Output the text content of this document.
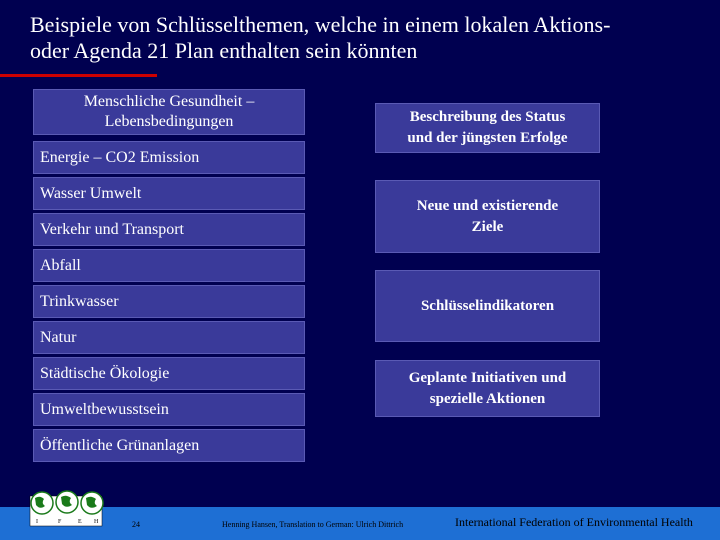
Beispiele von Schlüsselthemen, welche in einem lokalen Aktions-
oder Agenda 21 Plan enthalten sein könnten
Menschliche Gesundheit –
Lebensbedingungen
Energie – CO2 Emission
Wasser Umwelt
Verkehr und Transport
Abfall
Trinkwasser
Natur
Städtische Ökologie
Umweltbewusstsein
Öffentliche Grünanlagen
Beschreibung des Status
und der jüngsten Erfolge
Neue und existierende
Ziele
Schlüsselindikatoren
Geplante Initiativen und
spezielle Aktionen
I	F	E H	24	Henning Hansen, Translation to German: Ulrich Dittrich	International Federation of Environmental Health
